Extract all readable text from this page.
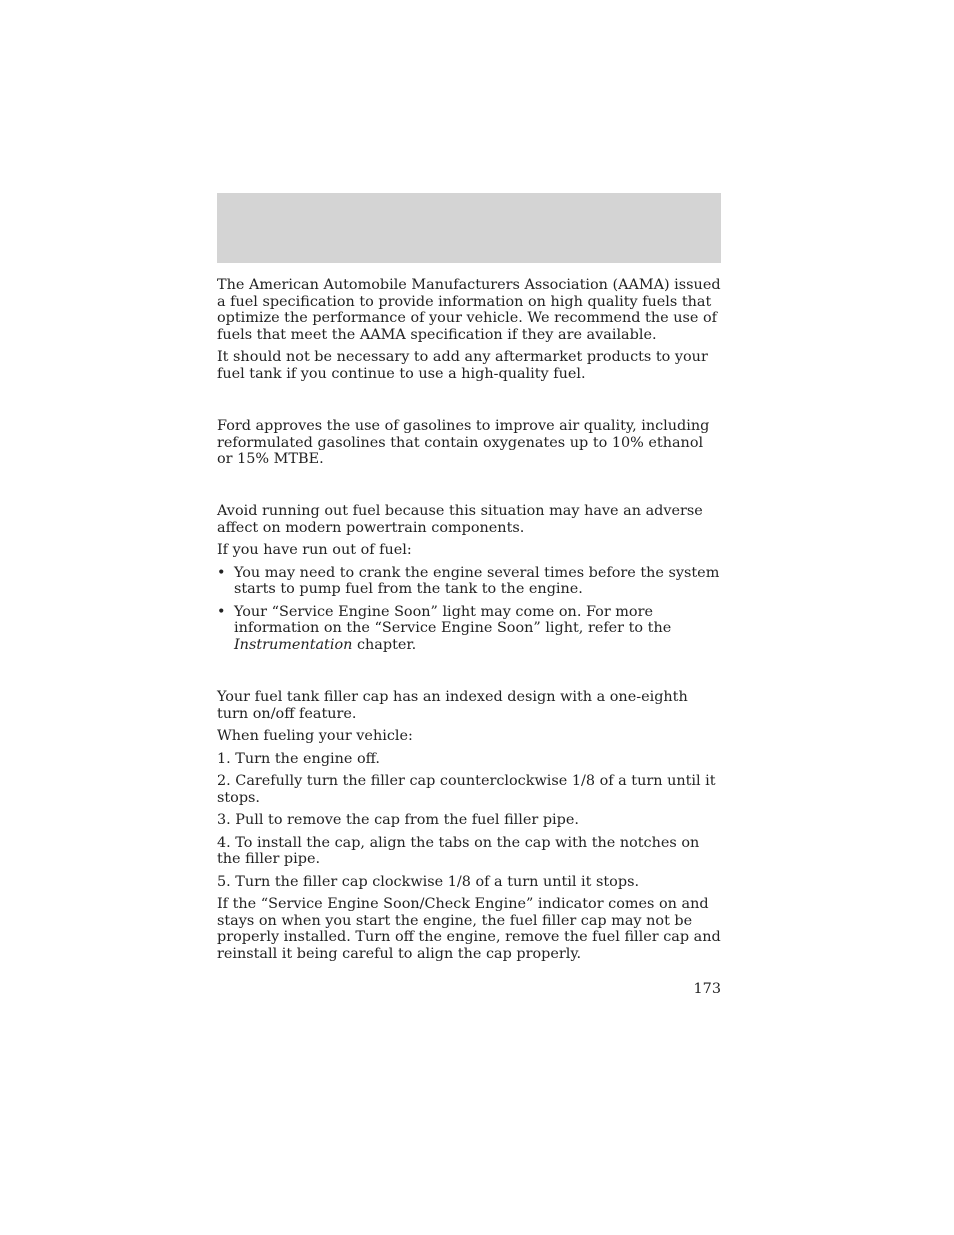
The American Automobile Manufacturers Association (AAMA) issued a fuel specification to provide information on high quality fuels that optimize the performance of your vehicle. We recommend the use of fuels that meet the AAMA specification if they are available.

It should not be necessary to add any aftermarket products to your fuel tank if you continue to use a high-quality fuel.

Ford approves the use of gasolines to improve air quality, including reformulated gasolines that contain oxygenates up to 10% ethanol or 15% MTBE.

Avoid running out fuel because this situation may have an adverse affect on modern powertrain components.

If you have run out of fuel:

• You may need to crank the engine several times before the system starts to pump fuel from the tank to the engine.
• Your “Service Engine Soon” light may come on. For more information on the “Service Engine Soon” light, refer to the Instrumentation chapter.

Your fuel tank filler cap has an indexed design with a one-eighth turn on/off feature.

When fueling your vehicle:

1. Turn the engine off.

2. Carefully turn the filler cap counterclockwise 1/8 of a turn until it stops.

3. Pull to remove the cap from the fuel filler pipe.

4. To install the cap, align the tabs on the cap with the notches on the filler pipe.

5. Turn the filler cap clockwise 1/8 of a turn until it stops.

If the “Service Engine Soon/Check Engine” indicator comes on and stays on when you start the engine, the fuel filler cap may not be properly installed. Turn off the engine, remove the fuel filler cap and reinstall it being careful to align the cap properly.

173
